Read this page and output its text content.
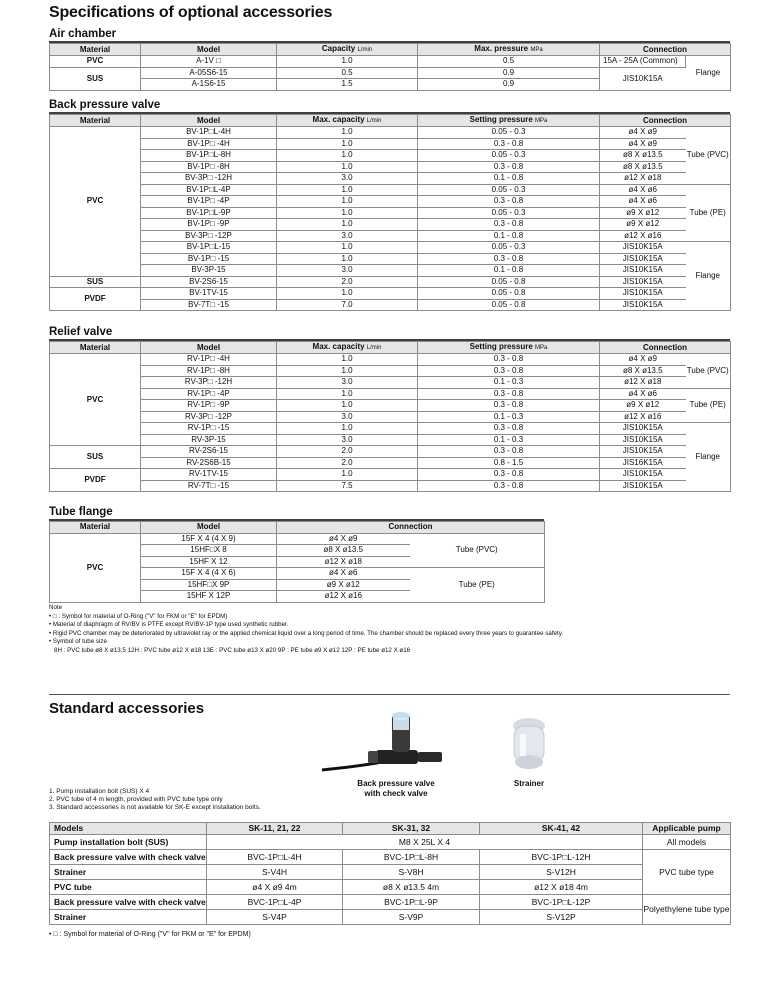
Specifications of optional accessories
Air chamber
Material	Model	Capacity L/min	Max. pressure MPa	Connection	
PVC	A-1V □	1.0	0.5	15A - 25A (Common)	Flange
SUS	A-05S6-15	0.5	0.9	JIS10K15A	
	A-1S6-15	1.5	0.9		
Back pressure valve
Material	Model	Max. capacity L/min	Setting pressure MPa	Connection	
PVC	BV-1P□L-4H	1.0	0.05 - 0.3	ø4 X ø9	Tube (PVC)
	BV-1P□ -4H	1.0	0.3 - 0.8	ø4 X ø9	
	BV-1P□L-8H	1.0	0.05 - 0.3	ø8 X ø13.5	
	BV-1P□ -8H	1.0	0.3 - 0.8	ø8 X ø13.5	
	BV-3P□ -12H	3.0	0.1 - 0.8	ø12 X ø18	
	BV-1P□L-4P	1.0	0.05 - 0.3	ø4 X ø6	Tube (PE)
	BV-1P□ -4P	1.0	0.3 - 0.8	ø4 X ø6	
	BV-1P□L-9P	1.0	0.05 - 0.3	ø9 X ø12	
	BV-1P□ -9P	1.0	0.3 - 0.8	ø9 X ø12	
	BV-3P□ -12P	3.0	0.1 - 0.8	ø12 X ø16	
	BV-1P□L-15	1.0	0.05 - 0.3	JIS10K15A	Flange
	BV-1P□ -15	1.0	0.3 - 0.8	JIS10K15A	
	BV-3P-15	3.0	0.1 - 0.8	JIS10K15A	
SUS	BV-2S6-15	2.0	0.05 - 0.8	JIS10K15A	
PVDF	BV-1TV-15	1.0	0.05 - 0.8	JIS10K15A	
	BV-7T□ -15	7.0	0.05 - 0.8	JIS10K15A	
Relief valve
Material	Model	Max. capacity L/min	Setting pressure MPa	Connection	
PVC	RV-1P□ -4H	1.0	0.3 - 0.8	ø4 X ø9	Tube (PVC)
	RV-1P□ -8H	1.0	0.3 - 0.8	ø8 X ø13.5	
	RV-3P□ -12H	3.0	0.1 - 0.3	ø12 X ø18	
	RV-1P□ -4P	1.0	0.3 - 0.8	ø4 X ø6	Tube (PE)
	RV-1P□ -9P	1.0	0.3 - 0.8	ø9 X ø12	
	RV-3P□ -12P	3.0	0.1 - 0.3	ø12 X ø16	
	RV-1P□ -15	1.0	0.3 - 0.8	JIS10K15A	Flange
	RV-3P-15	3.0	0.1 - 0.3	JIS10K15A	
SUS	RV-2S6-15	2.0	0.3 - 0.8	JIS10K15A	
	RV-2S6B-15	2.0	0.8 - 1.5	JIS16K15A	
PVDF	RV-1TV-15	1.0	0.3 - 0.8	JIS10K15A	
	RV-7T□ -15	7.5	0.3 - 0.8	JIS10K15A	
Tube flange
Material	Model	Connection	
PVC	15F X 4 (4 X 9)	ø4 X ø9	Tube (PVC)
	15HF□X 8	ø8 X ø13.5	
	15HF X 12	ø12 X ø18	
	15F X 4 (4 X 6)	ø4 X ø6	Tube (PE)
	15HF□X 9P	ø9 X ø12	
	15HF X 12P	ø12 X ø16	
Note
• □ : Symbol for material of O-Ring ("V" for FKM or "E" for EPDM)
• Material of diaphragm of RV/BV is PTFE except RV/BV-1P type used synthetic rubber.
• Rigid PVC chamber may be deteriorated by ultraviolet ray or the applied chemical liquid over a long period of time. The chamber should be replaced every three years to guarantee safety.
• Symbol of tube size
8H : PVC tube ø8 X ø13.5 12H : PVC tube ø12 X ø18 13E : PVC tube ø13 X ø20 9P : PE tube ø9 X ø12 12P : PE tube ø12 X ø16
Standard accessories
Back pressure valve
with check valve
Strainer
1. Pump installation bolt (SUS) X 4
2. PVC tube of 4 m length, provided with PVC tube type only
3. Standard accessories is not available for SK-E except installation bolts.
Models	SK-11, 21, 22	SK-31, 32	SK-41, 42	Applicable pump
Pump installation bolt (SUS)	M8 X 25L X 4			All models
Back pressure valve with check valve	BVC-1P□L-4H	BVC-1P□L-8H	BVC-1P□L-12H	PVC tube type
Strainer	S-V4H	S-V8H	S-V12H	
PVC tube	ø4 X ø9 4m	ø8 X ø13.5 4m	ø12 X ø18 4m	
Back pressure valve with check valve	BVC-1P□L-4P	BVC-1P□L-9P	BVC-1P□L-12P	Polyethylene tube type
Strainer	S-V4P	S-V9P	S-V12P	
• □ : Symbol for material of O-Ring ("V" for FKM or "E" for EPDM)
